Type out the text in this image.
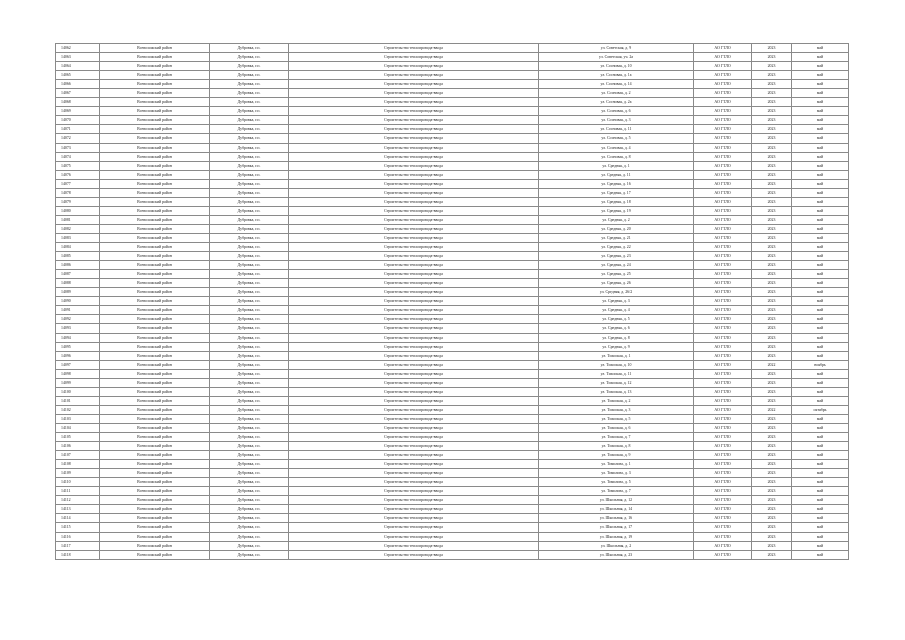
14062	Всеволожский район	Дубровка, г.п.	Строительство теплопровода-ввода	ул. Советская, д. 9	АО ГТЛО	2023	май
14063	Всеволожский район	Дубровка, г.п.	Строительство теплопровода-ввода	ул. Советская, уч. 2а	АО ГТЛО	2023	май
14064	Всеволожский район	Дубровка, г.п.	Строительство теплопровода-ввода	ул. Сосновая, д. 10	АО ГТЛО	2023	май
14065	Всеволожский район	Дубровка, г.п.	Строительство теплопровода-ввода	ул. Сосновая, д. 1а	АО ГТЛО	2023	май
14066	Всеволожский район	Дубровка, г.п.	Строительство теплопровода-ввода	ул. Сосновая, д. 14	АО ГТЛО	2023	май
14067	Всеволожский район	Дубровка, г.п.	Строительство теплопровода-ввода	ул. Сосновая, д. 2	АО ГТЛО	2023	май
14068	Всеволожский район	Дубровка, г.п.	Строительство теплопровода-ввода	ул. Сосновая, д. 2а	АО ГТЛО	2023	май
14069	Всеволожский район	Дубровка, г.п.	Строительство теплопровода-ввода	ул. Сосновая, д. 6	АО ГТЛО	2023	май
14070	Всеволожский район	Дубровка, г.п.	Строительство теплопровода-ввода	ул. Сосновая, д. 3	АО ГТЛО	2023	май
14071	Всеволожский район	Дубровка, г.п.	Строительство теплопровода-ввода	ул. Сосновая, д. 11	АО ГТЛО	2023	май
14072	Всеволожский район	Дубровка, г.п.	Строительство теплопровода-ввода	ул. Сосновая, д. 5	АО ГТЛО	2023	май
14073	Всеволожский район	Дубровка, г.п.	Строительство теплопровода-ввода	ул. Сосновая, д. 4	АО ГТЛО	2023	май
14074	Всеволожский район	Дубровка, г.п.	Строительство теплопровода-ввода	ул. Сосновая, д. 8	АО ГТЛО	2023	май
14075	Всеволожский район	Дубровка, г.п.	Строительство теплопровода-ввода	ул. Средняя, д. 1	АО ГТЛО	2023	май
14076	Всеволожский район	Дубровка, г.п.	Строительство теплопровода-ввода	ул. Средняя, д. 11	АО ГТЛО	2023	май
14077	Всеволожский район	Дубровка, г.п.	Строительство теплопровода-ввода	ул. Средняя, д. 16	АО ГТЛО	2023	май
14078	Всеволожский район	Дубровка, г.п.	Строительство теплопровода-ввода	ул. Средняя, д. 17	АО ГТЛО	2023	май
14079	Всеволожский район	Дубровка, г.п.	Строительство теплопровода-ввода	ул. Средняя, д. 18	АО ГТЛО	2023	май
14080	Всеволожский район	Дубровка, г.п.	Строительство теплопровода-ввода	ул. Средняя, д. 19	АО ГТЛО	2023	май
14081	Всеволожский район	Дубровка, г.п.	Строительство теплопровода-ввода	ул. Средняя, д. 2	АО ГТЛО	2023	май
14082	Всеволожский район	Дубровка, г.п.	Строительство теплопровода-ввода	ул. Средняя, д. 20	АО ГТЛО	2023	май
14083	Всеволожский район	Дубровка, г.п.	Строительство теплопровода-ввода	ул. Средняя, д. 21	АО ГТЛО	2023	май
14084	Всеволожский район	Дубровка, г.п.	Строительство теплопровода-ввода	ул. Средняя, д. 22	АО ГТЛО	2023	май
14085	Всеволожский район	Дубровка, г.п.	Строительство теплопровода-ввода	ул. Средняя, д. 23	АО ГТЛО	2023	май
14086	Всеволожский район	Дубровка, г.п.	Строительство теплопровода-ввода	ул. Средняя, д. 24	АО ГТЛО	2023	май
14087	Всеволожский район	Дубровка, г.п.	Строительство теплопровода-ввода	ул. Средняя, д. 25	АО ГТЛО	2023	май
14088	Всеволожский район	Дубровка, г.п.	Строительство теплопровода-ввода	ул. Средняя, д. 26	АО ГТЛО	2023	май
14089	Всеволожский район	Дубровка, г.п.	Строительство теплопровода-ввода	ул. Средняя, д. 26/2	АО ГТЛО	2023	май
14090	Всеволожский район	Дубровка, г.п.	Строительство теплопровода-ввода	ул. Средняя, д. 3	АО ГТЛО	2023	май
14091	Всеволожский район	Дубровка, г.п.	Строительство теплопровода-ввода	ул. Средняя, д. 4	АО ГТЛО	2023	май
14092	Всеволожский район	Дубровка, г.п.	Строительство теплопровода-ввода	ул. Средняя, д. 5	АО ГТЛО	2023	май
14093	Всеволожский район	Дубровка, г.п.	Строительство теплопровода-ввода	ул. Средняя, д. 6	АО ГТЛО	2023	май
14094	Всеволожский район	Дубровка, г.п.	Строительство теплопровода-ввода	ул. Средняя, д. 8	АО ГТЛО	2023	май
14095	Всеволожский район	Дубровка, г.п.	Строительство теплопровода-ввода	ул. Средняя, д. 9	АО ГТЛО	2023	май
14096	Всеволожский район	Дубровка, г.п.	Строительство теплопровода-ввода	ул. Тихоокая, д. 1	АО ГТЛО	2023	май
14097	Всеволожский район	Дубровка, г.п.	Строительство теплопровода-ввода	ул. Тихоокая, д. 10	АО ГТЛО	2022	ноябрь
14098	Всеволожский район	Дубровка, г.п.	Строительство теплопровода-ввода	ул. Тихоокая, д. 11	АО ГТЛО	2023	май
14099	Всеволожский район	Дубровка, г.п.	Строительство теплопровода-ввода	ул. Тихоокая, д. 12	АО ГТЛО	2023	май
14100	Всеволожский район	Дубровка, г.п.	Строительство теплопровода-ввода	ул. Тихоокая, д. 13	АО ГТЛО	2023	май
14101	Всеволожский район	Дубровка, г.п.	Строительство теплопровода-ввода	ул. Тихоокая, д. 2	АО ГТЛО	2023	май
14102	Всеволожский район	Дубровка, г.п.	Строительство теплопровода-ввода	ул. Тихоокая, д. 3	АО ГТЛО	2022	октябрь
14103	Всеволожский район	Дубровка, г.п.	Строительство теплопровода-ввода	ул. Тихоокая, д. 5	АО ГТЛО	2023	май
14104	Всеволожский район	Дубровка, г.п.	Строительство теплопровода-ввода	ул. Тихоокая, д. 6	АО ГТЛО	2023	май
14105	Всеволожский район	Дубровка, г.п.	Строительство теплопровода-ввода	ул. Тихоокая, д. 7	АО ГТЛО	2023	май
14106	Всеволожский район	Дубровка, г.п.	Строительство теплопровода-ввода	ул. Тихоокая, д. 8	АО ГТЛО	2023	май
14107	Всеволожский район	Дубровка, г.п.	Строительство теплопровода-ввода	ул. Тихоокая, д. 9	АО ГТЛО	2023	май
14108	Всеволожский район	Дубровка, г.п.	Строительство теплопровода-ввода	ул. Томилова, д. 1	АО ГТЛО	2023	май
14109	Всеволожский район	Дубровка, г.п.	Строительство теплопровода-ввода	ул. Томилова, д. 3	АО ГТЛО	2023	май
14110	Всеволожский район	Дубровка, г.п.	Строительство теплопровода-ввода	ул. Томилова, д. 5	АО ГТЛО	2023	май
14111	Всеволожский район	Дубровка, г.п.	Строительство теплопровода-ввода	ул. Томилова, д. 7	АО ГТЛО	2023	май
14112	Всеволожский район	Дубровка, г.п.	Строительство теплопровода-ввода	ул. Школьная, д. 12	АО ГТЛО	2023	май
14113	Всеволожский район	Дубровка, г.п.	Строительство теплопровода-ввода	ул. Школьная, д. 14	АО ГТЛО	2023	май
14114	Всеволожский район	Дубровка, г.п.	Строительство теплопровода-ввода	ул. Школьная, д. 16	АО ГТЛО	2023	май
14115	Всеволожский район	Дубровка, г.п.	Строительство теплопровода-ввода	ул. Школьная, д. 17	АО ГТЛО	2023	май
14116	Всеволожский район	Дубровка, г.п.	Строительство теплопровода-ввода	ул. Школьная, д. 19	АО ГТЛО	2023	май
14117	Всеволожский район	Дубровка, г.п.	Строительство теплопровода-ввода	ул. Школьная, д. 2	АО ГТЛО	2023	май
14118	Всеволожский район	Дубровка, г.п.	Строительство теплопровода-ввода	ул. Школьная, д. 23	АО ГТЛО	2023	май
